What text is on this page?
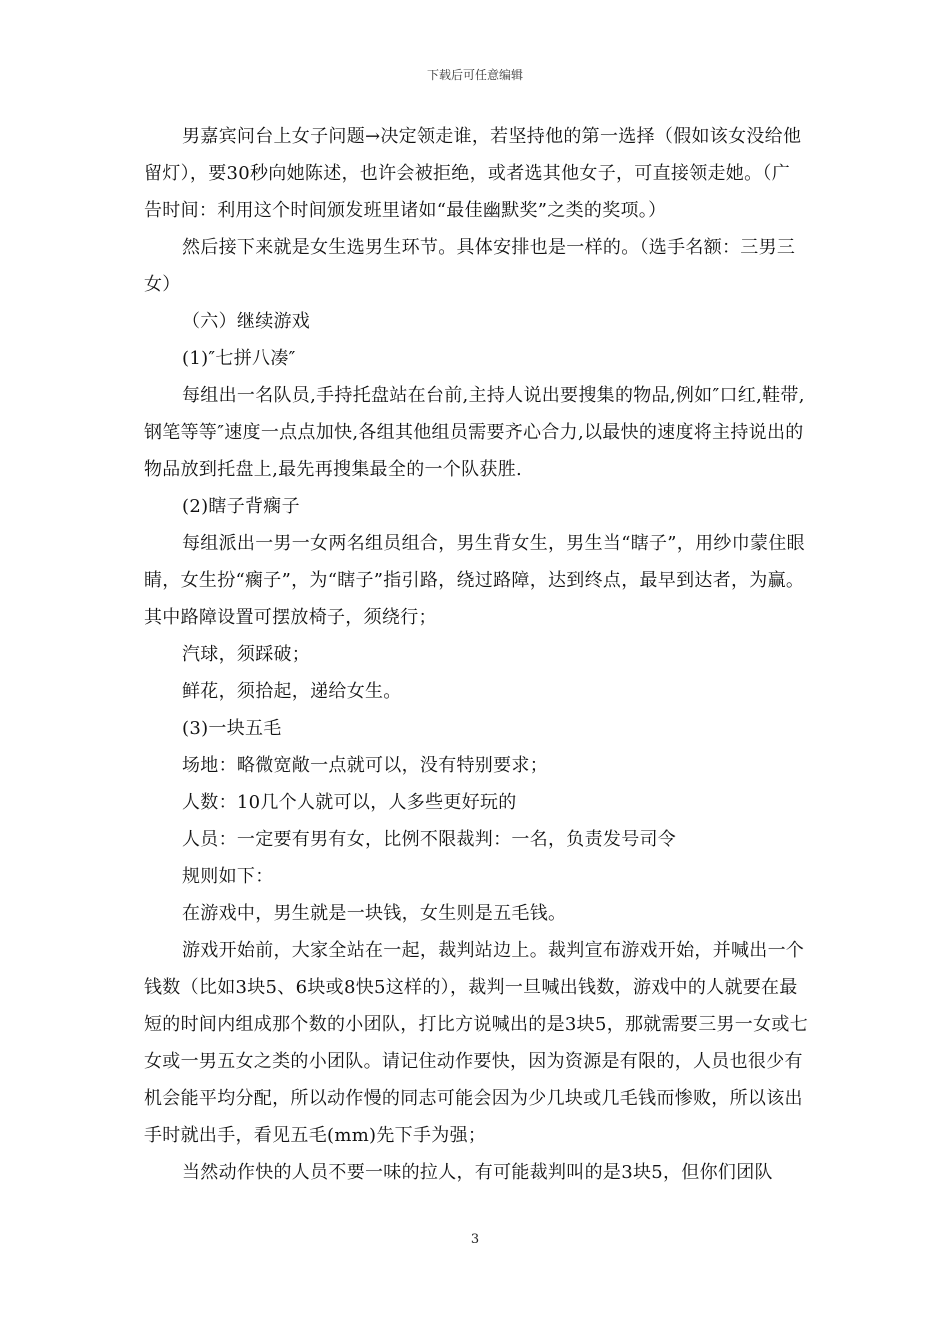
下载后可任意编辑

男嘉宾问台上女子问题→决定领走谁，若坚持他的第一选择（假如该女没给他留灯），要30秒向她陈述，也许会被拒绝，或者选其他女子，可直接领走她。（广告时间：利用这个时间颁发班里诸如“最佳幽默奖”之类的奖项。）

然后接下来就是女生选男生环节。具体安排也是一样的。（选手名额：三男三女）

（六）继续游戏

(1)″七拼八凑″

每组出一名队员,手持托盘站在台前,主持人说出要搜集的物品,例如″口红,鞋带,钢笔等等″速度一点点加快,各组其他组员需要齐心合力,以最快的速度将主持说出的物品放到托盘上,最先再搜集最全的一个队获胜.

(2)瞎子背瘸子

每组派出一男一女两名组员组合，男生背女生，男生当“瞎子”，用纱巾蒙住眼睛，女生扮“瘸子”，为“瞎子”指引路，绕过路障，达到终点，最早到达者，为赢。其中路障设置可摆放椅子，须绕行；

汽球，须踩破；

鲜花，须拾起，递给女生。

(3)一块五毛

场地：略微宽敞一点就可以，没有特别要求；

人数：10几个人就可以，人多些更好玩的

人员：一定要有男有女，比例不限裁判：一名，负责发号司令

规则如下：

在游戏中，男生就是一块钱，女生则是五毛钱。

游戏开始前，大家全站在一起，裁判站边上。裁判宣布游戏开始，并喊出一个钱数（比如3块5、6块或8快5这样的），裁判一旦喊出钱数，游戏中的人就要在最短的时间内组成那个数的小团队，打比方说喊出的是3块5，那就需要三男一女或七女或一男五女之类的小团队。请记住动作要快，因为资源是有限的，人员也很少有机会能平均分配，所以动作慢的同志可能会因为少几块或几毛钱而惨败，所以该出手时就出手，看见五毛(mm)先下手为强；

当然动作快的人员不要一味的拉人，有可能裁判叫的是3块5，但你们团队

3
